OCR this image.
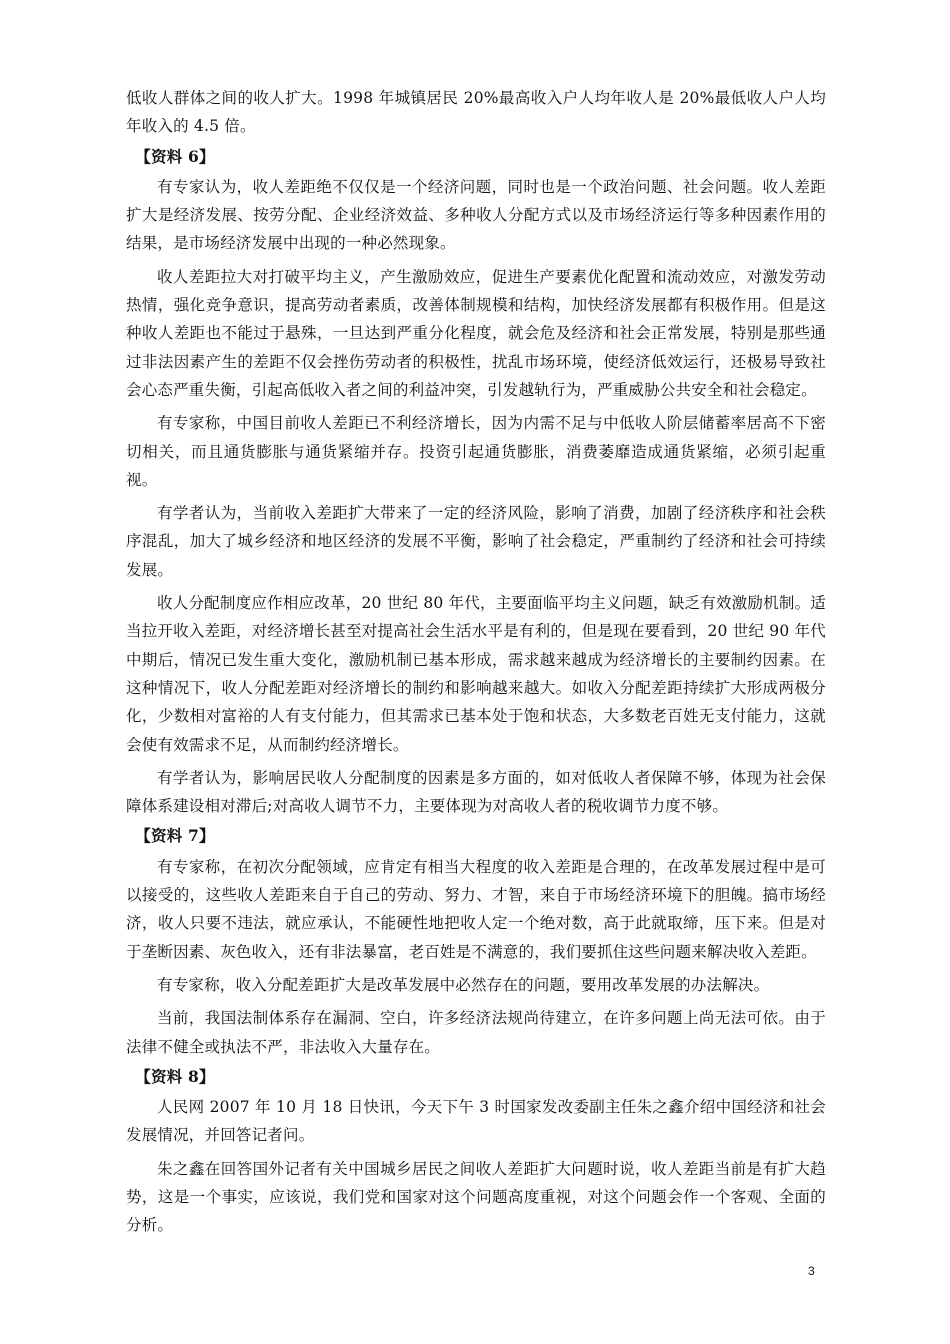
低收人群体之间的收人扩大。1998 年城镇居民 20%最高收入户人均年收人是 20%最低收人户人均年收入的 4.5 倍。

【资料 6】

有专家认为，收人差距绝不仅仅是一个经济问题，同时也是一个政治问题、社会问题。收人差距扩大是经济发展、按劳分配、企业经济效益、多种收人分配方式以及市场经济运行等多种因素作用的结果，是市场经济发展中出现的一种必然现象。

收人差距拉大对打破平均主义，产生激励效应，促进生产要素优化配置和流动效应，对激发劳动热情，强化竞争意识，提高劳动者素质，改善体制规模和结构，加快经济发展都有积极作用。但是这种收人差距也不能过于悬殊，一旦达到严重分化程度，就会危及经济和社会正常发展，特别是那些通过非法因素产生的差距不仅会挫伤劳动者的积极性，扰乱市场环境，使经济低效运行，还极易导致社会心态严重失衡，引起高低收入者之间的利益冲突，引发越轨行为，严重威胁公共安全和社会稳定。

有专家称，中国目前收人差距已不利经济增长，因为内需不足与中低收人阶层储蓄率居高不下密切相关，而且通货膨胀与通货紧缩并存。投资引起通货膨胀，消费萎靡造成通货紧缩，必须引起重视。

有学者认为，当前收入差距扩大带来了一定的经济风险，影响了消费，加剧了经济秩序和社会秩序混乱，加大了城乡经济和地区经济的发展不平衡，影响了社会稳定，严重制约了经济和社会可持续发展。

收人分配制度应作相应改革，20 世纪 80 年代，主要面临平均主义问题，缺乏有效激励机制。适当拉开收入差距，对经济增长甚至对提高社会生活水平是有利的，但是现在要看到，20 世纪 90 年代中期后，情况已发生重大变化，激励机制已基本形成，需求越来越成为经济增长的主要制约因素。在这种情况下，收人分配差距对经济增长的制约和影响越来越大。如收入分配差距持续扩大形成两极分化，少数相对富裕的人有支付能力，但其需求已基本处于饱和状态，大多数老百姓无支付能力，这就会使有效需求不足，从而制约经济增长。

有学者认为，影响居民收人分配制度的因素是多方面的，如对低收人者保障不够，体现为社会保障体系建设相对滞后;对高收人调节不力，主要体现为对高收人者的税收调节力度不够。

【资料 7】

有专家称，在初次分配领域，应肯定有相当大程度的收入差距是合理的，在改革发展过程中是可以接受的，这些收人差距来自于自己的劳动、努力、才智，来自于市场经济环境下的胆魄。搞市场经济，收人只要不违法，就应承认，不能硬性地把收人定一个绝对数，高于此就取缔，压下来。但是对于垄断因素、灰色收入，还有非法暴富，老百姓是不满意的，我们要抓住这些问题来解决收入差距。

有专家称，收入分配差距扩大是改革发展中必然存在的问题，要用改革发展的办法解决。

当前，我国法制体系存在漏洞、空白，许多经济法规尚待建立，在许多问题上尚无法可依。由于法律不健全或执法不严，非法收入大量存在。

【资料 8】

人民网 2007 年 10 月 18 日快讯，今天下午 3 时国家发改委副主任朱之鑫介绍中国经济和社会发展情况，并回答记者问。

朱之鑫在回答国外记者有关中国城乡居民之间收人差距扩大问题时说，收人差距当前是有扩大趋势，这是一个事实，应该说，我们党和国家对这个问题高度重视，对这个问题会作一个客观、全面的分析。

3
